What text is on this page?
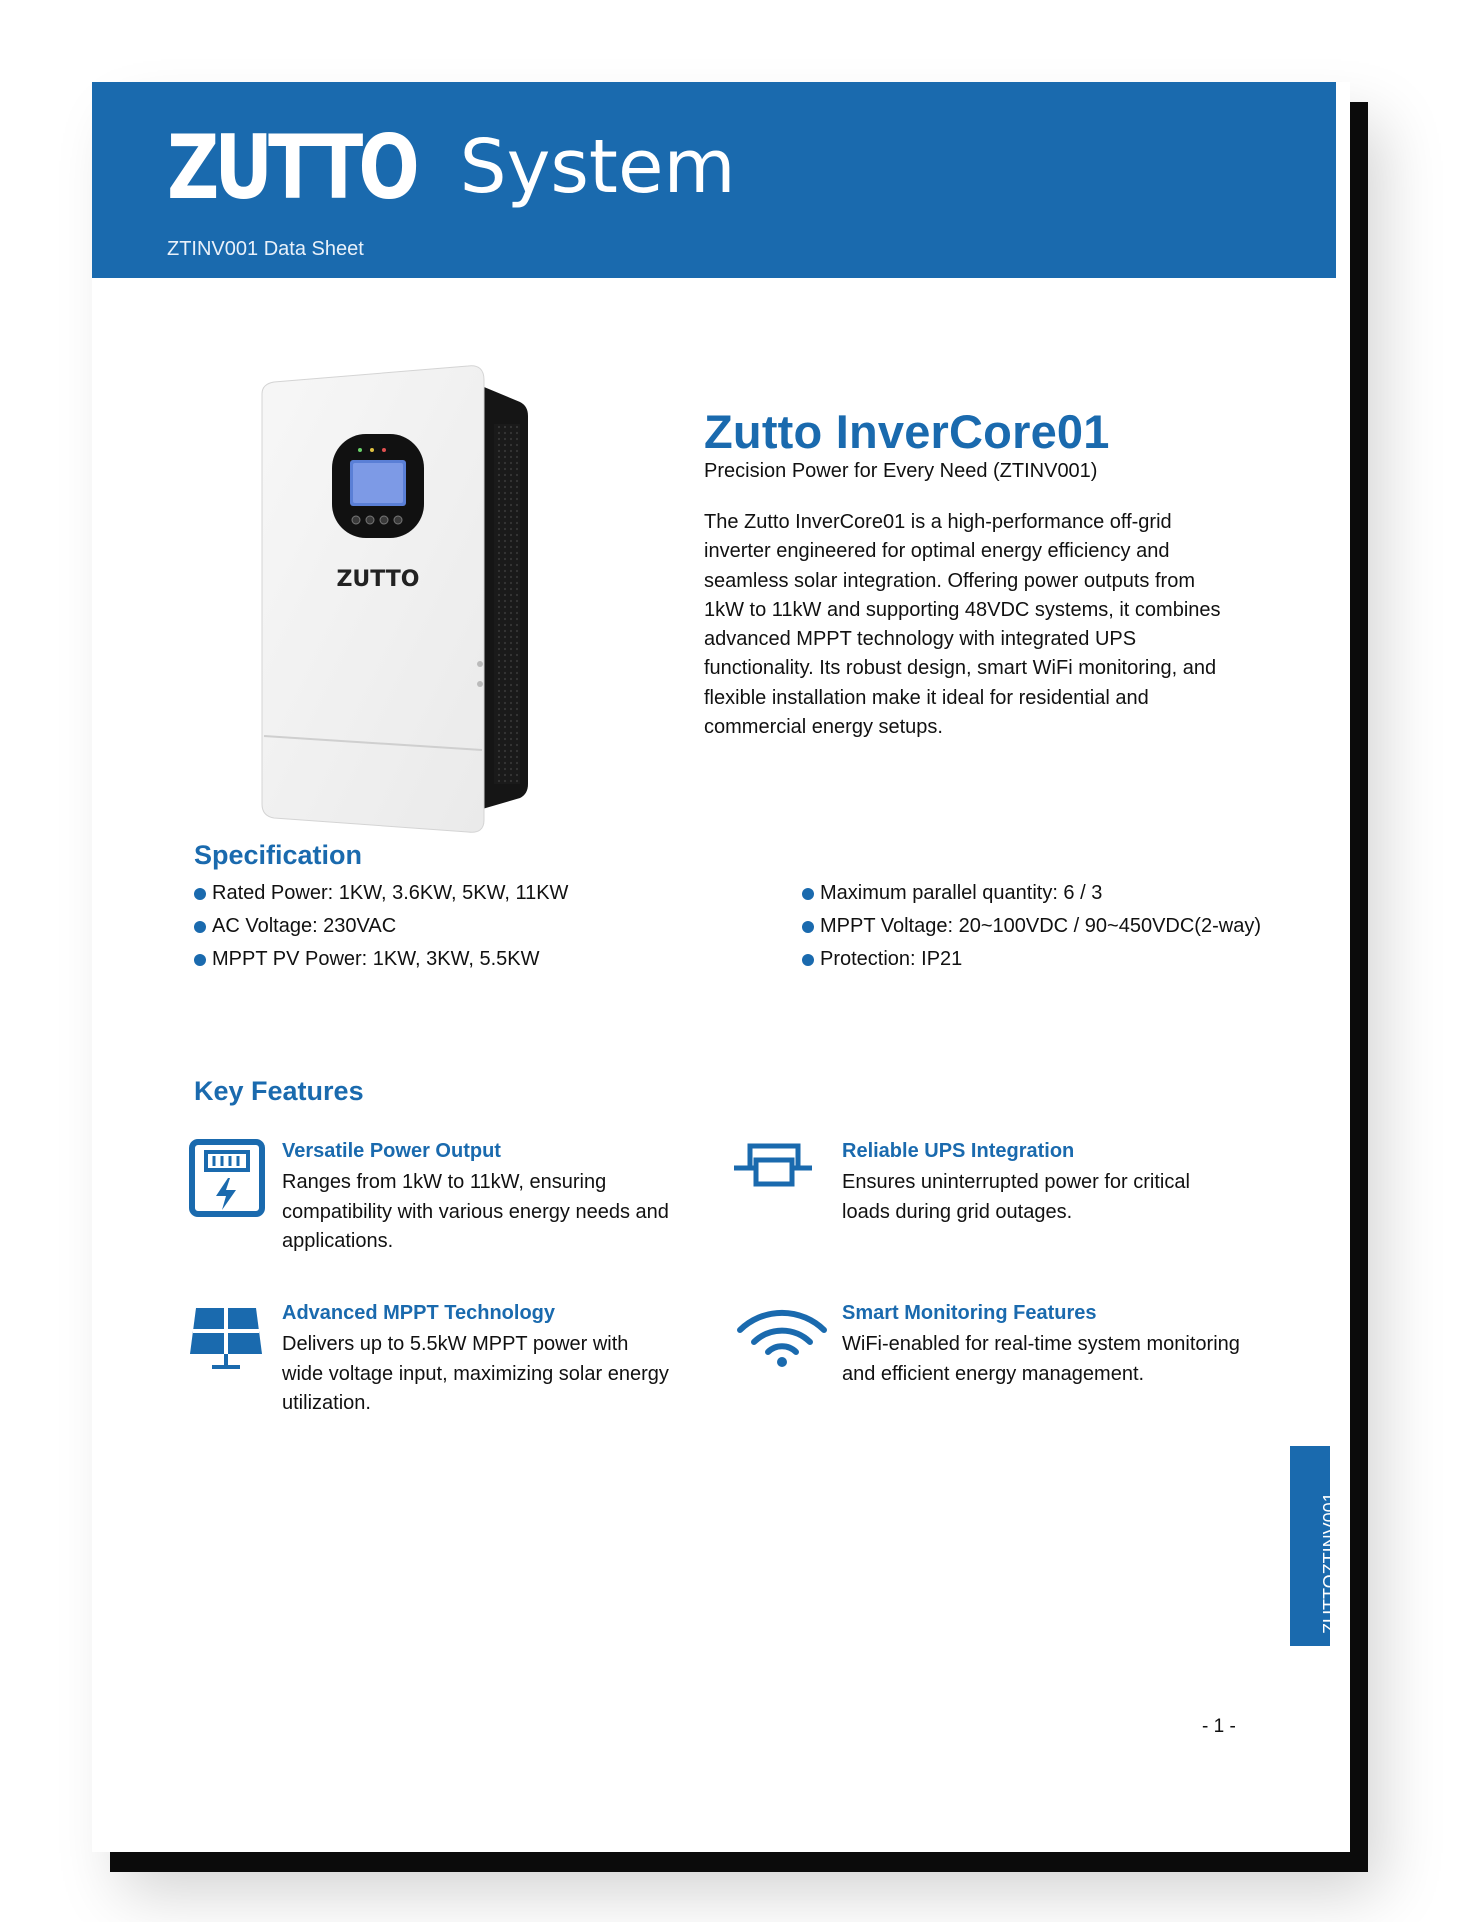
ZUTTO System
ZTINV001 Data Sheet
ZUTTO
Zutto InverCore01
Precision Power for Every Need (ZTINV001)
The Zutto InverCore01 is a high-performance off-grid inverter engineered for optimal energy efficiency and seamless solar integration. Offering power outputs from 1kW to 11kW and supporting 48VDC systems, it combines advanced MPPT technology with integrated UPS functionality. Its robust design, smart WiFi monitoring, and flexible installation make it ideal for residential and commercial energy setups.
Specification
Rated Power: 1KW, 3.6KW, 5KW, 11KW
AC Voltage: 230VAC
MPPT PV Power: 1KW, 3KW, 5.5KW
Maximum parallel quantity: 6 / 3
MPPT Voltage: 20~100VDC / 90~450VDC(2-way)
Protection: IP21
Key Features
Versatile Power Output
Ranges from 1kW to 11kW, ensuring compatibility with various energy needs and applications.
Reliable UPS Integration
Ensures uninterrupted power for critical loads during grid outages.
Advanced MPPT Technology
Delivers up to 5.5kW MPPT power with wide voltage input, maximizing solar energy utilization.
Smart Monitoring Features
WiFi-enabled for real-time system monitoring and efficient energy management.
ZUTTOZTINV001
- 1 -
